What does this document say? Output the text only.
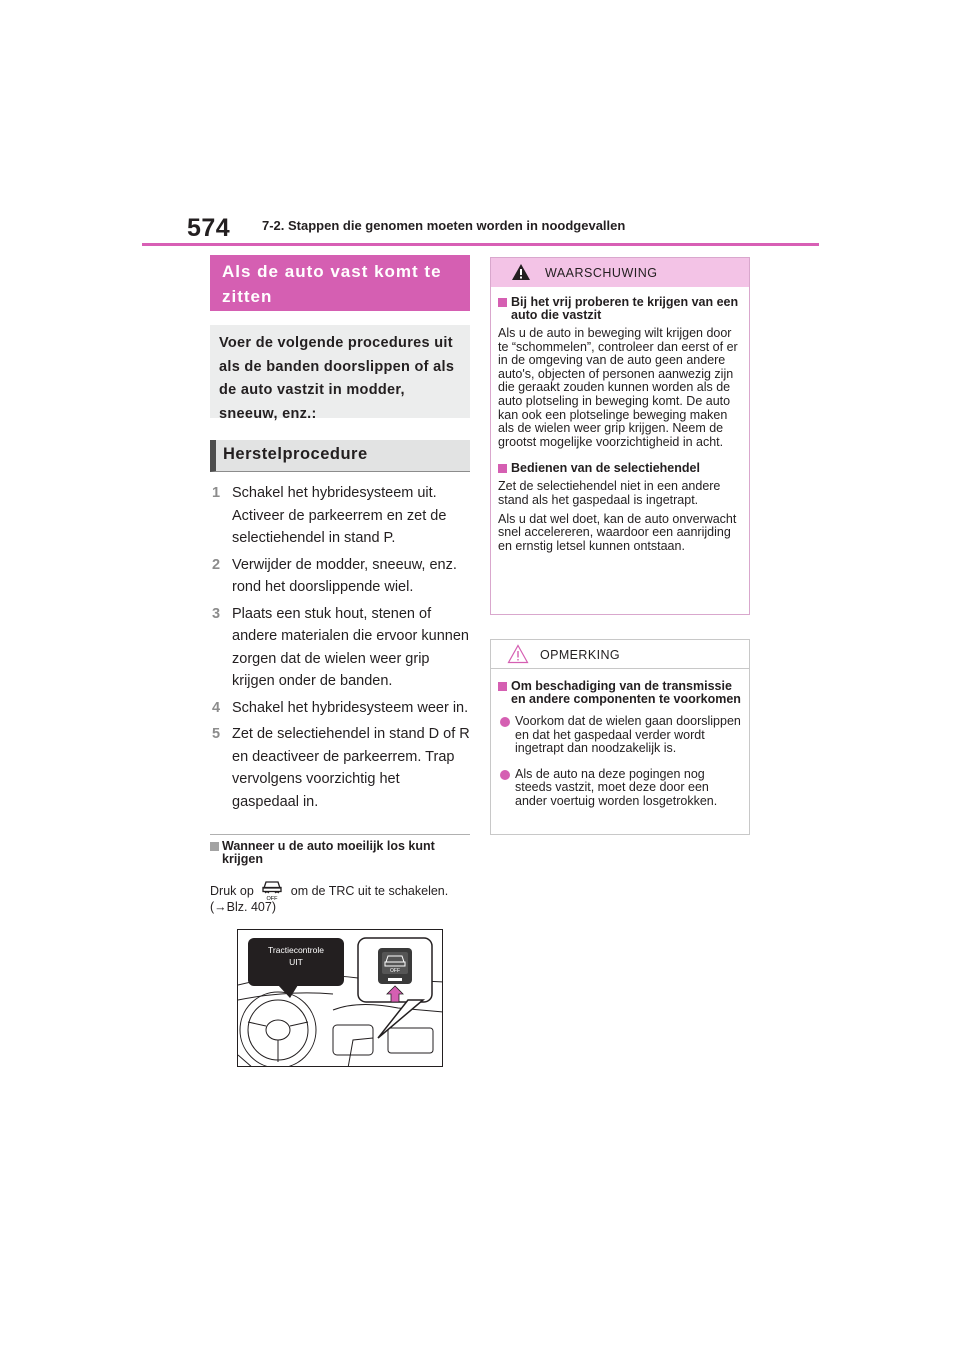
574 7-2. Stappen die genomen moeten worden in noodgevallen
Als de auto vast komt te zitten
Voer de volgende procedures uit als de banden doorslippen of als de auto vastzit in modder, sneeuw, enz.:
Herstelprocedure
1 Schakel het hybridesysteem uit. Activeer de parkeerrem en zet de selectiehendel in stand P.
2 Verwijder de modder, sneeuw, enz. rond het doorslippende wiel.
3 Plaats een stuk hout, stenen of andere materialen die ervoor kunnen zorgen dat de wielen weer grip krijgen onder de banden.
4 Schakel het hybridesysteem weer in.
5 Zet de selectiehendel in stand D of R en deactiveer de parkeerrem. Trap vervolgens voorzichtig het gaspedaal in.
Wanneer u de auto moeilijk los kunt krijgen
Druk op
OFF
om de TRC uit te schakelen.
(→Blz. 407)
OFF
Tractiecontrole
UIT
WAARSCHUWING
Bij het vrij proberen te krijgen van een auto die vastzit
Als u de auto in beweging wilt krijgen door te “schommelen”, controleer dan eerst of er in de omgeving van de auto geen andere auto's, objecten of personen aanwezig zijn die geraakt zouden kunnen worden als de auto plotseling in beweging komt. De auto kan ook een plotselinge beweging maken als de wielen weer grip krijgen. Neem de grootst mogelijke voorzichtigheid in acht.
Bedienen van de selectiehendel
Zet de selectiehendel niet in een andere stand als het gaspedaal is ingetrapt.
Als u dat wel doet, kan de auto onverwacht snel accelereren, waardoor een aanrijding en ernstig letsel kunnen ontstaan.
OPMERKING
Om beschadiging van de transmissie en andere componenten te voorkomen
Voorkom dat de wielen gaan doorslippen en dat het gaspedaal verder wordt ingetrapt dan noodzakelijk is.
Als de auto na deze pogingen nog steeds vastzit, moet deze door een ander voertuig worden losgetrokken.
